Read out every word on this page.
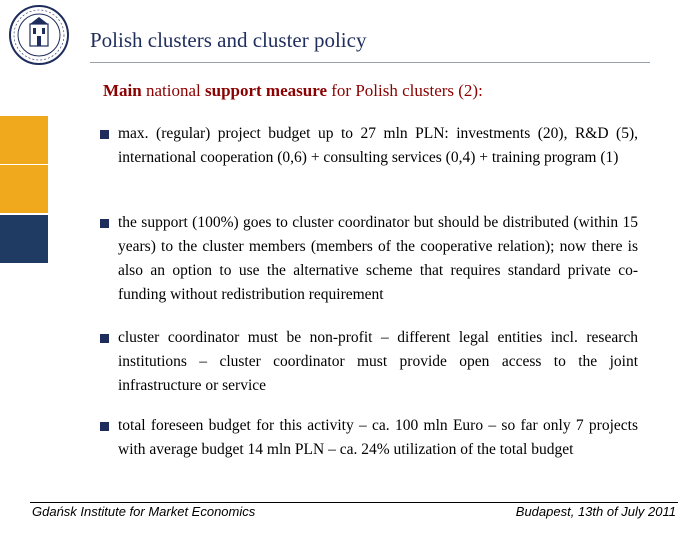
Polish clusters and cluster policy
Main national support measure for Polish clusters (2):
max. (regular) project budget up to 27 mln PLN: investments (20), R&D (5), international cooperation (0,6) + consulting services (0,4) + training program (1)
the support (100%) goes to cluster coordinator but should be distributed (within 15 years) to the cluster members (members of the cooperative relation); now there is also an option to use the alternative scheme that requires standard private co-funding without redistribution requirement
cluster coordinator must be non-profit – different legal entities incl. research institutions – cluster coordinator must provide open access to the joint infrastructure or service
total foreseen budget for this activity – ca. 100 mln Euro – so far only 7 projects with average budget 14 mln PLN – ca. 24% utilization of the total budget
Gdańsk Institute for Market Economics	Budapest, 13th of July 2011
